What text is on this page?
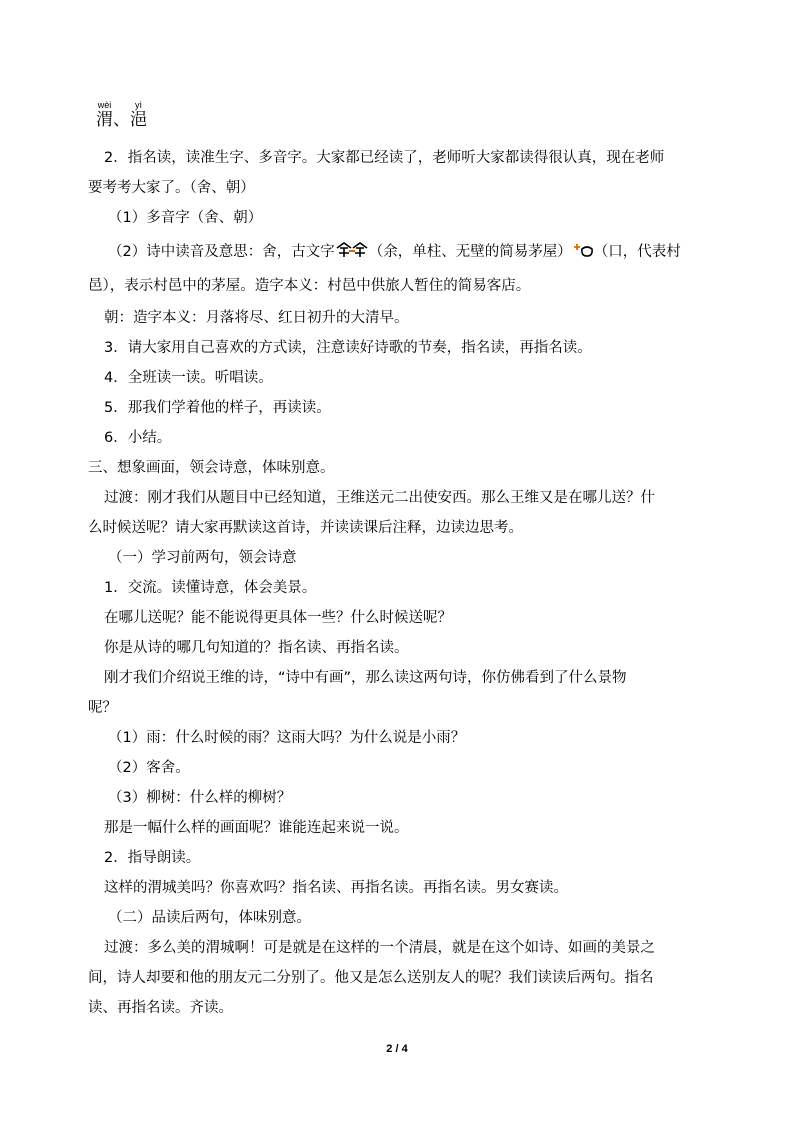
渭wèi、浥yì
2．指名读，读准生字、多音字。大家都已经读了，老师听大家都读得很认真，现在老师
要考考大家了。（舍、朝）
（1）多音字（舍、朝）
（2）诗中读音及意思：舍，古文字 （余，单柱、无壁的简易茅屋） （口，代表村
邑），表示村邑中的茅屋。造字本义：村邑中供旅人暂住的简易客店。
朝：造字本义：月落将尽、红日初升的大清早。
3．请大家用自己喜欢的方式读，注意读好诗歌的节奏，指名读，再指名读。
4．全班读一读。听唱读。
5．那我们学着他的样子，再读读。
6．小结。
三、想象画面，领会诗意，体味别意。
过渡：刚才我们从题目中已经知道，王维送元二出使安西。那么王维又是在哪儿送？什
么时候送呢？请大家再默读这首诗，并读读课后注释，边读边思考。
（一）学习前两句，领会诗意
1．交流。读懂诗意，体会美景。
在哪儿送呢？能不能说得更具体一些？什么时候送呢？
你是从诗的哪几句知道的？指名读、再指名读。
刚才我们介绍说王维的诗，“诗中有画”，那么读这两句诗，你仿佛看到了什么景物
呢？
（1）雨：什么时候的雨？这雨大吗？为什么说是小雨？
（2）客舍。
（3）柳树：什么样的柳树？
那是一幅什么样的画面呢？谁能连起来说一说。
2．指导朗读。
这样的渭城美吗？你喜欢吗？指名读、再指名读。再指名读。男女赛读。
（二）品读后两句，体味别意。
过渡：多么美的渭城啊！可是就是在这样的一个清晨，就是在这个如诗、如画的美景之
间，诗人却要和他的朋友元二分别了。他又是怎么送别友人的呢？我们读读后两句。指名
读、再指名读。齐读。
2 / 4
